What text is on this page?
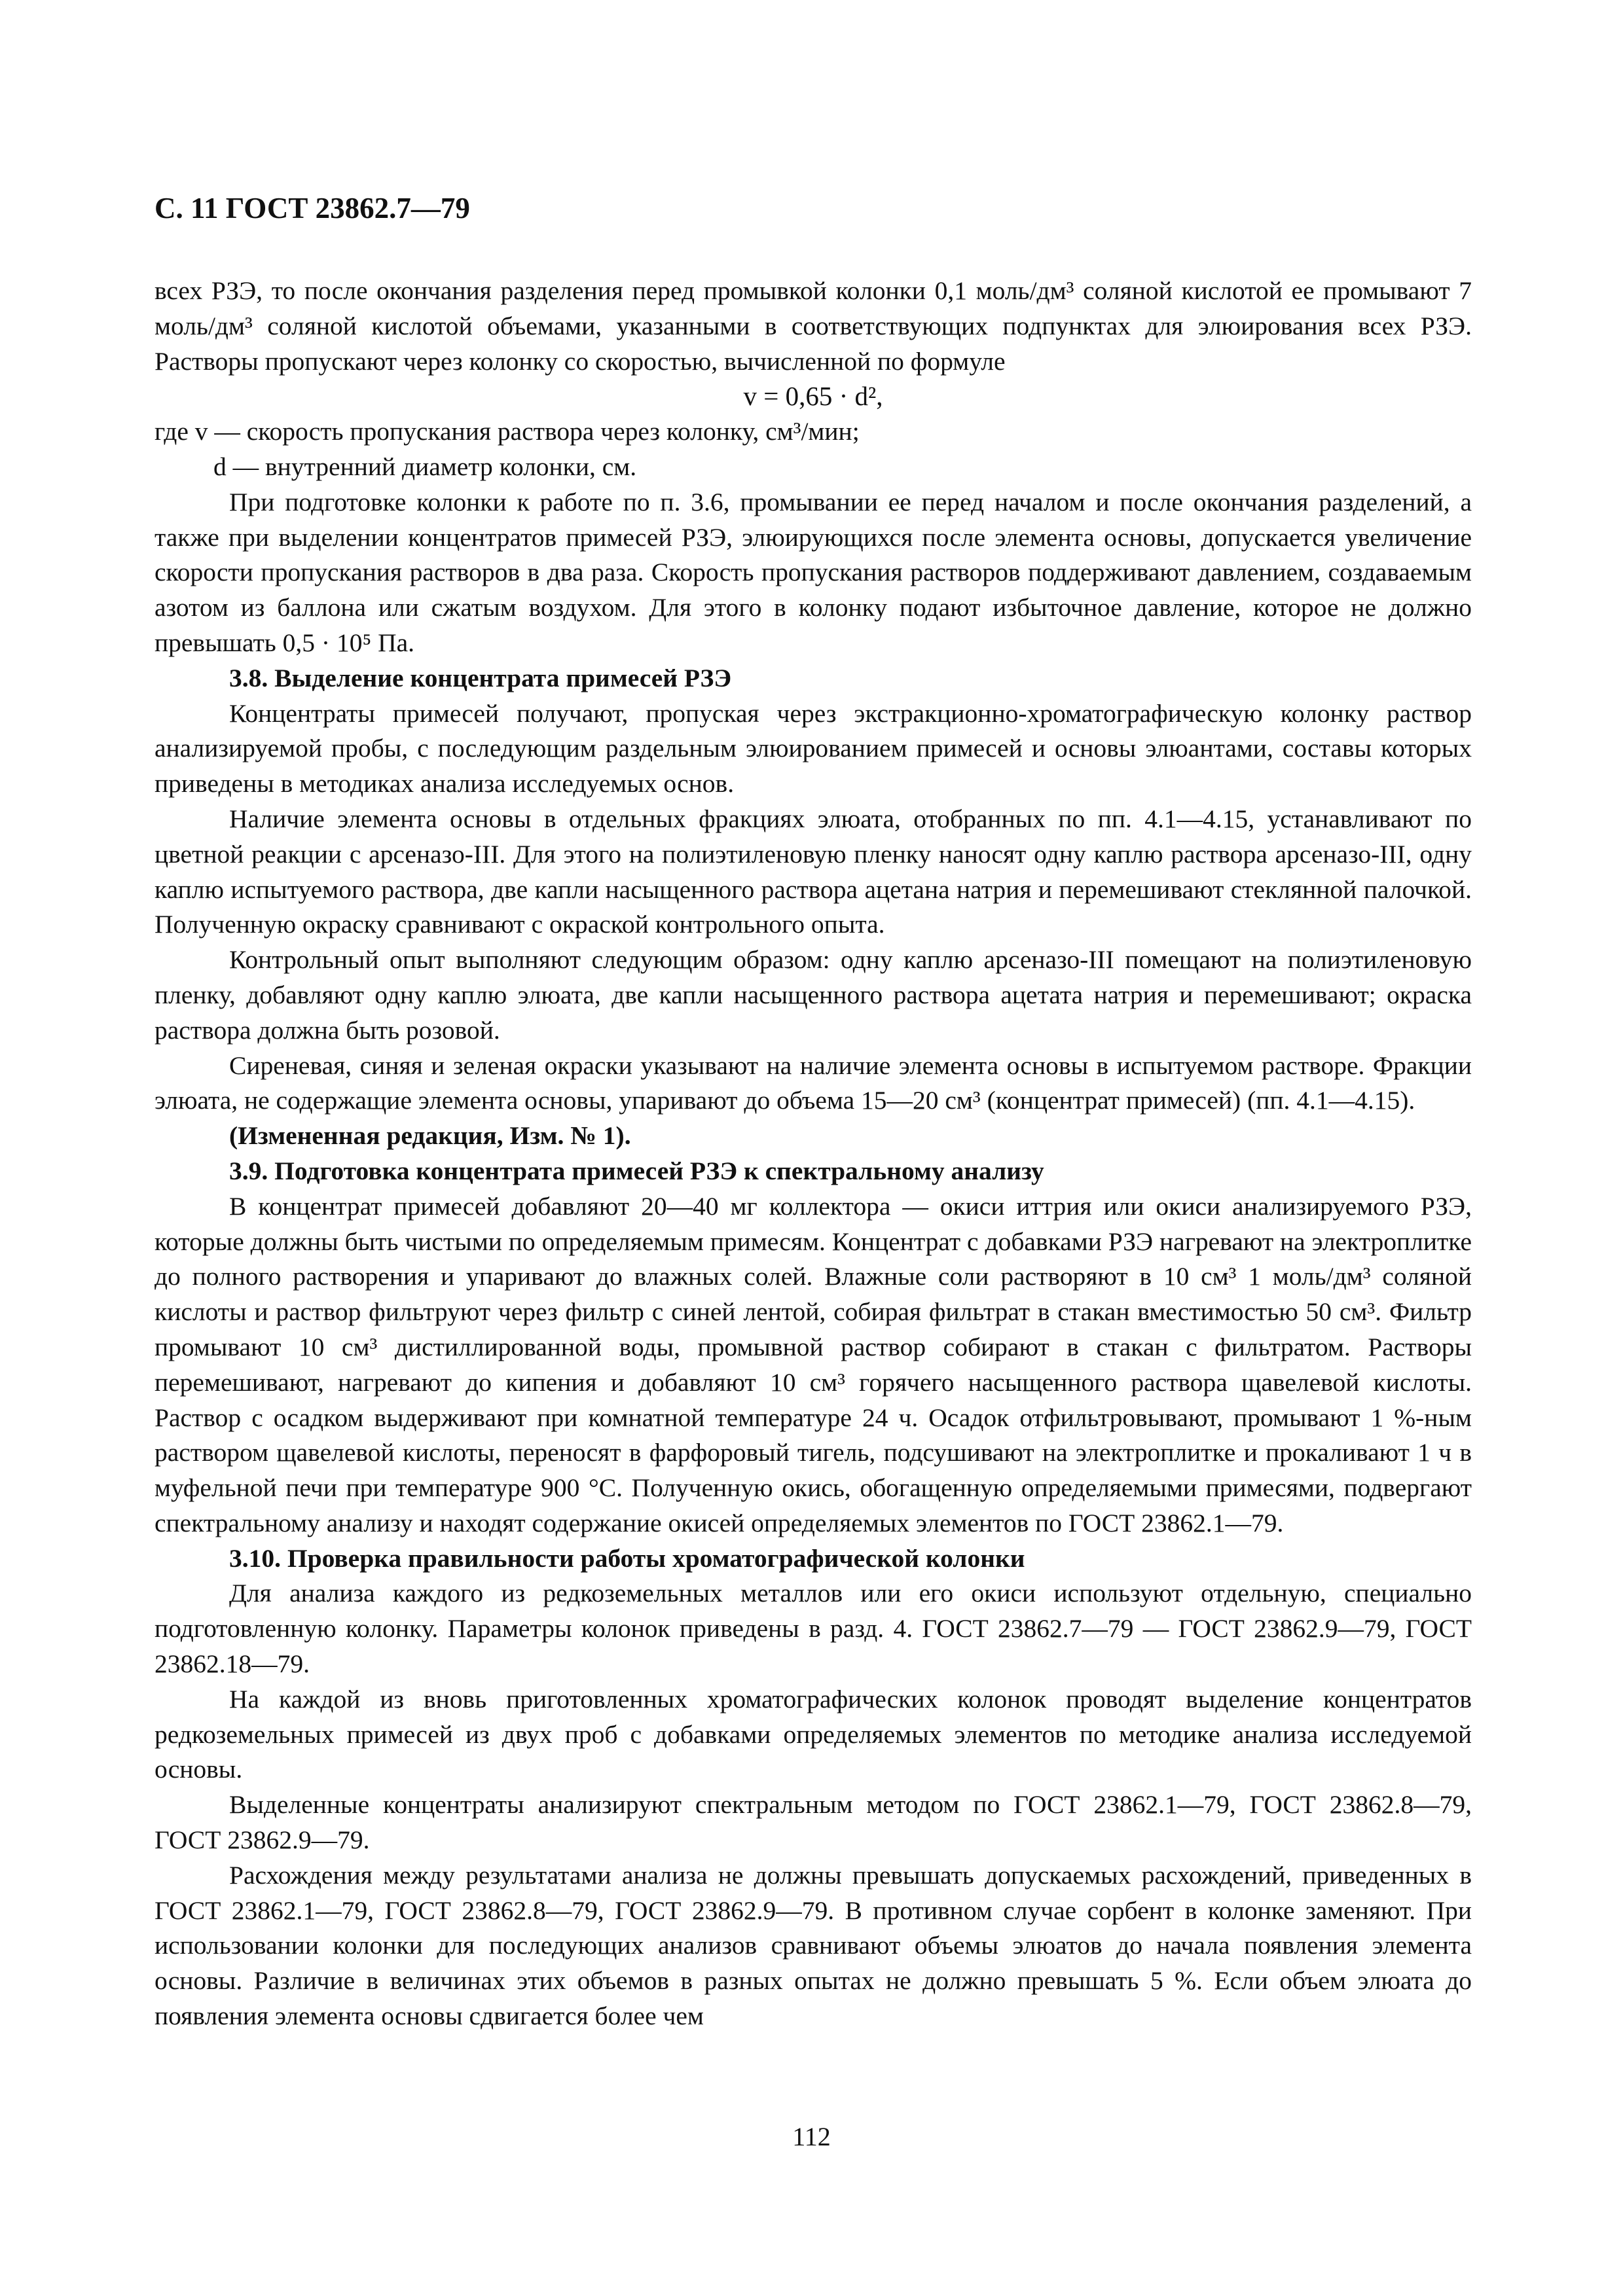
С. 11 ГОСТ 23862.7—79

всех РЗЭ, то после окончания разделения перед промывкой колонки 0,1 моль/дм³ соляной кислотой ее промывают 7 моль/дм³ соляной кислотой объемами, указанными в соответствующих подпунктах для элюирования всех РЗЭ. Растворы пропускают через колонку со скоростью, вычисленной по формуле

v = 0,65 · d²,

где v — скорость пропускания раствора через колонку, см³/мин;

d — внутренний диаметр колонки, см.

При подготовке колонки к работе по п. 3.6, промывании ее перед началом и после окончания разделений, а также при выделении концентратов примесей РЗЭ, элюирующихся после элемента основы, допускается увеличение скорости пропускания растворов в два раза. Скорость пропускания растворов поддерживают давлением, создаваемым азотом из баллона или сжатым воздухом. Для этого в колонку подают избыточное давление, которое не должно превышать 0,5 · 10⁵ Па.

3.8. Выделение концентрата примесей РЗЭ

Концентраты примесей получают, пропуская через экстракционно-хроматографическую колонку раствор анализируемой пробы, с последующим раздельным элюированием примесей и основы элюантами, составы которых приведены в методиках анализа исследуемых основ.

Наличие элемента основы в отдельных фракциях элюата, отобранных по пп. 4.1—4.15, устанавливают по цветной реакции с арсеназо-III. Для этого на полиэтиленовую пленку наносят одну каплю раствора арсеназо-III, одну каплю испытуемого раствора, две капли насыщенного раствора ацетана натрия и перемешивают стеклянной палочкой. Полученную окраску сравнивают с окраской контрольного опыта.

Контрольный опыт выполняют следующим образом: одну каплю арсеназо-III помещают на полиэтиленовую пленку, добавляют одну каплю элюата, две капли насыщенного раствора ацетата натрия и перемешивают; окраска раствора должна быть розовой.

Сиреневая, синяя и зеленая окраски указывают на наличие элемента основы в испытуемом растворе. Фракции элюата, не содержащие элемента основы, упаривают до объема 15—20 см³ (концентрат примесей) (пп. 4.1—4.15).

(Измененная редакция, Изм. № 1).

3.9. Подготовка концентрата примесей РЗЭ к спектральному анализу

В концентрат примесей добавляют 20—40 мг коллектора — окиси иттрия или окиси анализируемого РЗЭ, которые должны быть чистыми по определяемым примесям. Концентрат с добавками РЗЭ нагревают на электроплитке до полного растворения и упаривают до влажных солей. Влажные соли растворяют в 10 см³ 1 моль/дм³ соляной кислоты и раствор фильтруют через фильтр с синей лентой, собирая фильтрат в стакан вместимостью 50 см³. Фильтр промывают 10 см³ дистиллированной воды, промывной раствор собирают в стакан с фильтратом. Растворы перемешивают, нагревают до кипения и добавляют 10 см³ горячего насыщенного раствора щавелевой кислоты. Раствор с осадком выдерживают при комнатной температуре 24 ч. Осадок отфильтровывают, промывают 1 %-ным раствором щавелевой кислоты, переносят в фарфоровый тигель, подсушивают на электроплитке и прокаливают 1 ч в муфельной печи при температуре 900 °С. Полученную окись, обогащенную определяемыми примесями, подвергают спектральному анализу и находят содержание окисей определяемых элементов по ГОСТ 23862.1—79.

3.10. Проверка правильности работы хроматографической колонки

Для анализа каждого из редкоземельных металлов или его окиси используют отдельную, специально подготовленную колонку. Параметры колонок приведены в разд. 4. ГОСТ 23862.7—79 — ГОСТ 23862.9—79, ГОСТ 23862.18—79.

На каждой из вновь приготовленных хроматографических колонок проводят выделение концентратов редкоземельных примесей из двух проб с добавками определяемых элементов по методике анализа исследуемой основы.

Выделенные концентраты анализируют спектральным методом по ГОСТ 23862.1—79, ГОСТ 23862.8—79, ГОСТ 23862.9—79.

Расхождения между результатами анализа не должны превышать допускаемых расхождений, приведенных в ГОСТ 23862.1—79, ГОСТ 23862.8—79, ГОСТ 23862.9—79. В противном случае сорбент в колонке заменяют. При использовании колонки для последующих анализов сравнивают объемы элюатов до начала появления элемента основы. Различие в величинах этих объемов в разных опытах не должно превышать 5 %. Если объем элюата до появления элемента основы сдвигается более чем

112
